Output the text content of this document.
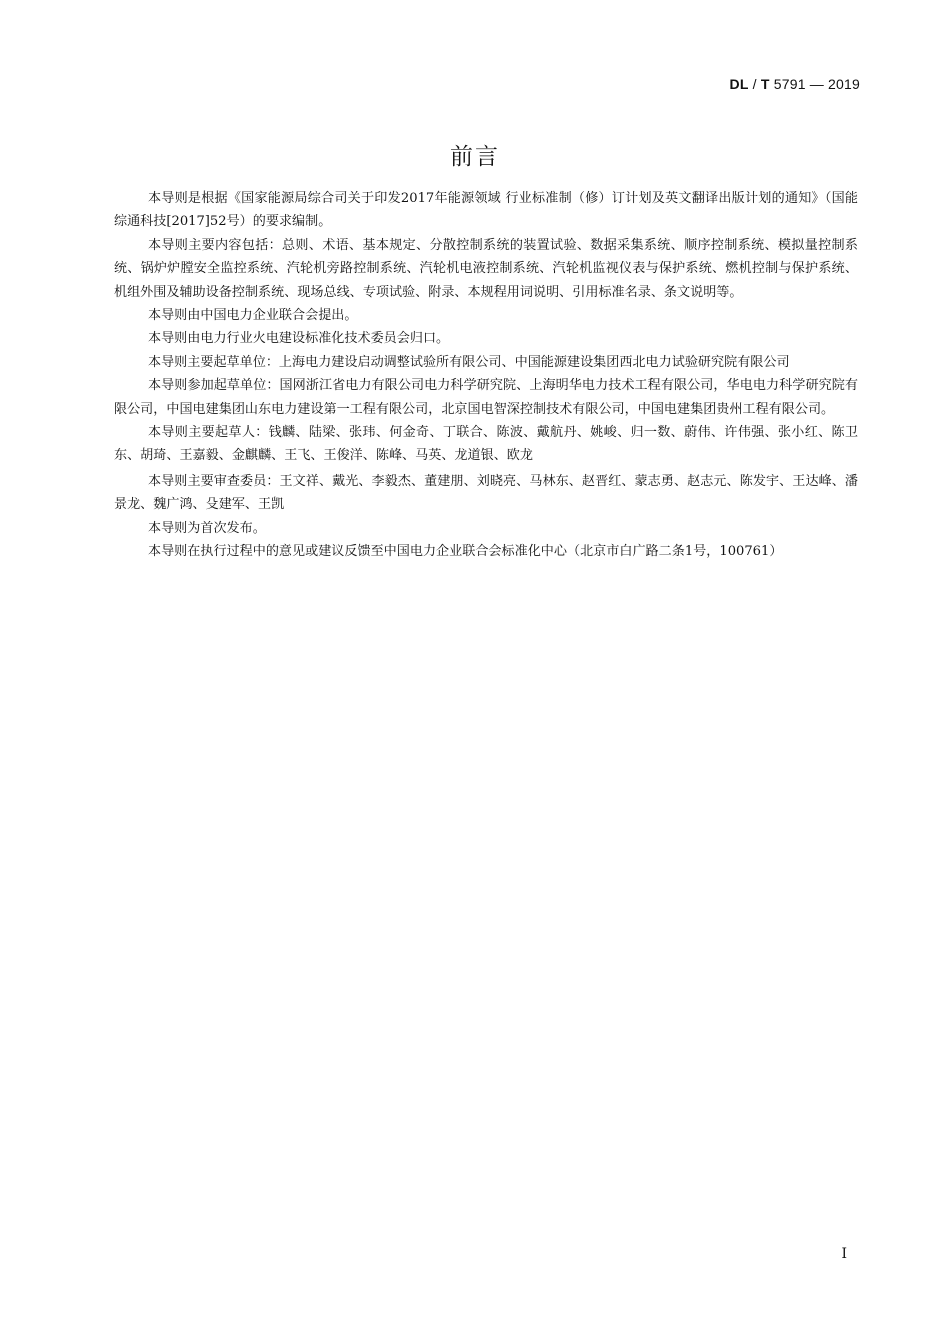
DL / T 5791 — 2019
前言

本导则是根据《国家能源局综合司关于印发2017年能源领域 行业标准制（修）订计划及英文翻译出版计划的通知》（国能综通科技[2017]52号）的要求编制。

本导则主要内容包括：总则、术语、基本规定、分散控制系统的装置试验、数据采集系统、顺序控制系统、模拟量控制系统、锅炉炉膛安全监控系统、汽轮机旁路控制系统、汽轮机电液控制系统、汽轮机监视仪表与保护系统、燃机控制与保护系统、机组外围及辅助设备控制系统、现场总线、专项试验、附录、本规程用词说明、引用标准名录、条文说明等。

本导则由中国电力企业联合会提出。

本导则由电力行业火电建设标准化技术委员会归口。

本导则主要起草单位：上海电力建设启动调整试验所有限公司、中国能源建设集团西北电力试验研究院有限公司

本导则参加起草单位：国网浙江省电力有限公司电力科学研究院、上海明华电力技术工程有限公司，华电电力科学研究院有限公司，中国电建集团山东电力建设第一工程有限公司，北京国电智深控制技术有限公司，中国电建集团贵州工程有限公司。

本导则主要起草人：钱麟、陆梁、张玮、何金奇、丁联合、陈波、戴航丹、姚峻、归一数、蔚伟、许伟强、张小红、陈卫东、胡琦、王嘉毅、金麒麟、王飞、王俊洋、陈峰、马英、龙道银、欧龙

本导则主要审查委员：王文祥、戴光、李毅杰、董建朋、刘晓亮、马林东、赵晋红、蒙志勇、赵志元、陈发宇、王达峰、潘景龙、魏广鸿、殳建军、王凯

本导则为首次发布。

本导则在执行过程中的意见或建议反馈至中国电力企业联合会标准化中心（北京市白广路二条1号，100761）

I
